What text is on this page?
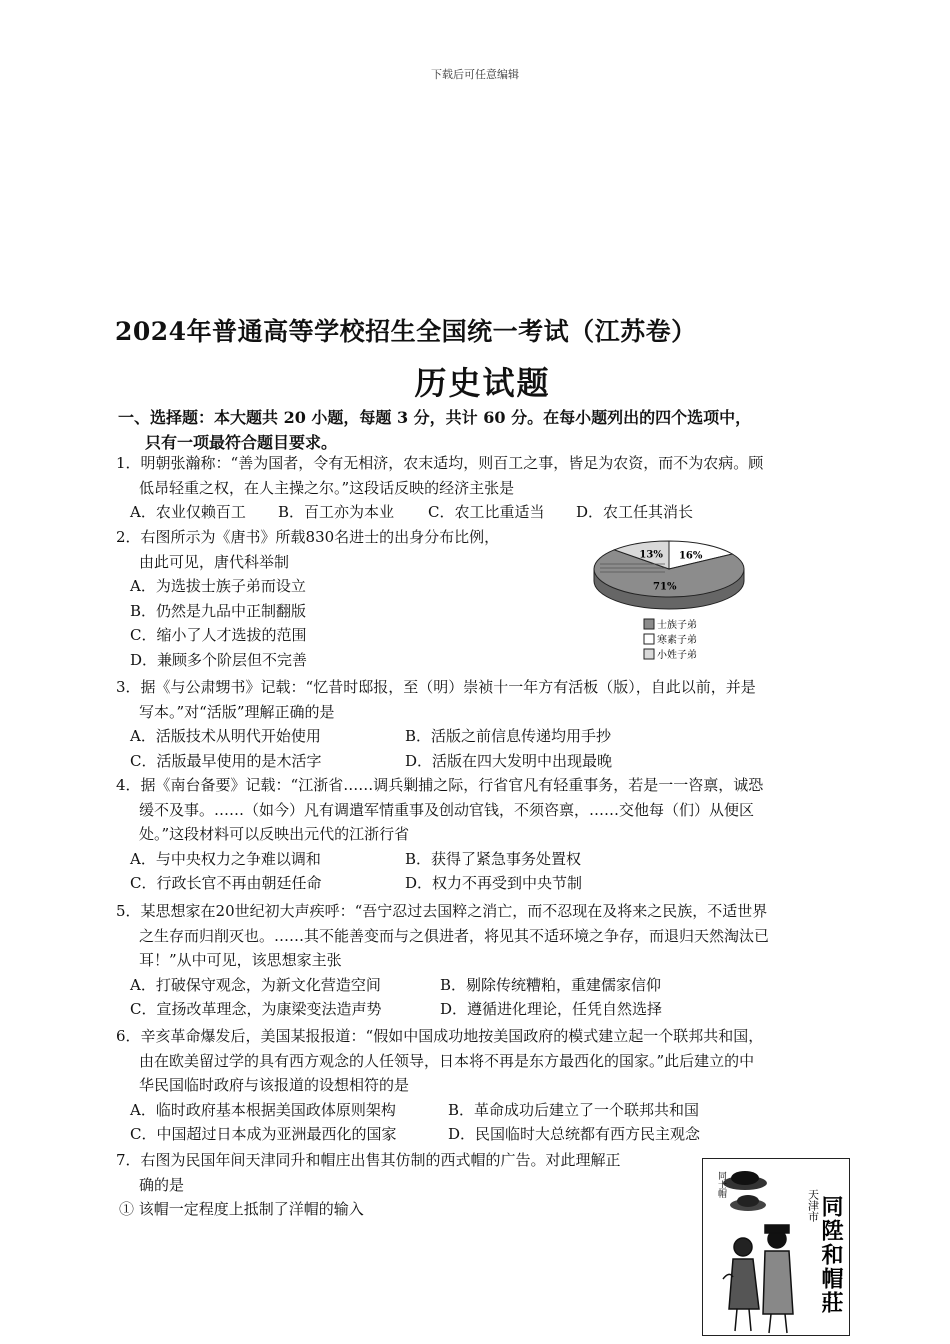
下载后可任意编辑
2024年普通高等学校招生全国统一考试（江苏卷）
历史试题
一、选择题：本大题共 20 小题，每题 3 分，共计 60 分。在每小题列出的四个选项中，
只有一项最符合题目要求。
1．明朝张瀚称：“善为国者，令有无相济，农末适均，则百工之事，皆足为农资，而不为农病。顾
低昂轻重之权，在人主操之尔。”这段话反映的经济主张是
A．农业仅赖百工 B．百工亦为本业 C．农工比重适当 D．农工任其消长
2．右图所示为《唐书》所载830名进士的出身分布比例，
由此可见，唐代科举制
A．为选拔士族子弟而设立
B．仍然是九品中正制翻版
C．缩小了人才选拔的范围
D．兼顾多个阶层但不完善
16%
71%
13%
士族子弟
寒素子弟
小姓子弟
3．据《与公肃甥书》记载：“忆昔时邸报，至（明）崇祯十一年方有活板（版），自此以前，并是
写本。”对“活版”理解正确的是
A．活版技术从明代开始使用	B．活版之前信息传递均用手抄
C．活版最早使用的是木活字	D．活版在四大发明中出现最晚
4．据《南台备要》记载：“江浙省……调兵剿捕之际，行省官凡有轻重事务，若是一一咨禀，诚恐
缓不及事。……（如今）凡有调遣军情重事及创动官钱，不须咨禀，……交他每（们）从便区
处。”这段材料可以反映出元代的江浙行省
A．与中央权力之争难以调和	B．获得了紧急事务处置权
C．行政长官不再由朝廷任命	D．权力不再受到中央节制
5．某思想家在20世纪初大声疾呼：“吾宁忍过去国粹之消亡，而不忍现在及将来之民族，不适世界
之生存而归削灭也。……其不能善变而与之俱进者，将见其不适环境之争存，而退归天然淘汰已
耳！”从中可见，该思想家主张
A．打破保守观念，为新文化营造空间	B．剔除传统糟粕，重建儒家信仰
C．宣扬改革理念，为康梁变法造声势	D．遵循进化理论，任凭自然选择
6．辛亥革命爆发后，美国某报报道：“假如中国成功地按美国政府的模式建立起一个联邦共和国，
由在欧美留过学的具有西方观念的人任领导，日本将不再是东方最西化的国家。”此后建立的中
华民国临时政府与该报道的设想相符的是
A．临时政府基本根据美国政体原则架构	B．革命成功后建立了一个联邦共和国
C．中国超过日本成为亚洲最西化的国家	D．民国临时大总统都有西方民主观念
7．右图为民国年间天津同升和帽庄出售其仿制的西式帽的广告。对此理解正
确的是
① 该帽一定程度上抵制了洋帽的输入
同士帽
天津市
同陞和帽莊
